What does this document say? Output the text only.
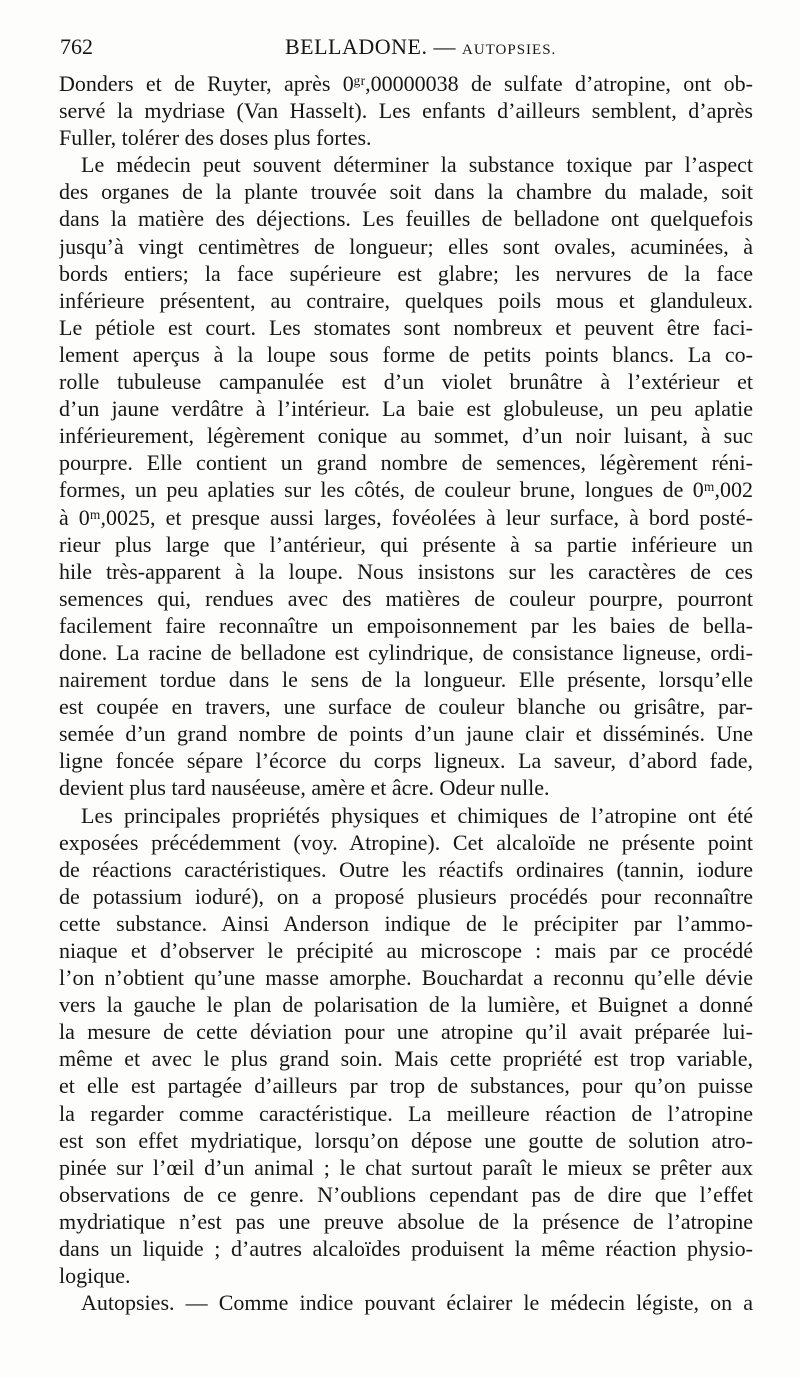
762	BELLADONE. — AUTOPSIES.
Donders et de Ruyter, après 0ᵍʳ,00000038 de sulfate d’atropine, ont ob-
servé la mydriase (Van Hasselt). Les enfants d’ailleurs semblent, d’après
Fuller, tolérer des doses plus fortes.
Le médecin peut souvent déterminer la substance toxique par l’aspect
des organes de la plante trouvée soit dans la chambre du malade, soit
dans la matière des déjections. Les feuilles de belladone ont quelquefois
jusqu’à vingt centimètres de longueur; elles sont ovales, acuminées, à
bords entiers; la face supérieure est glabre; les nervures de la face
inférieure présentent, au contraire, quelques poils mous et glanduleux.
Le pétiole est court. Les stomates sont nombreux et peuvent être faci-
lement aperçus à la loupe sous forme de petits points blancs. La co-
rolle tubuleuse campanulée est d’un violet brunâtre à l’extérieur et
d’un jaune verdâtre à l’intérieur. La baie est globuleuse, un peu aplatie
inférieurement, légèrement conique au sommet, d’un noir luisant, à suc
pourpre. Elle contient un grand nombre de semences, légèrement réni-
formes, un peu aplaties sur les côtés, de couleur brune, longues de 0ᵐ,002
à 0ᵐ,0025, et presque aussi larges, fovéolées à leur surface, à bord posté-
rieur plus large que l’antérieur, qui présente à sa partie inférieure un
hile très-apparent à la loupe. Nous insistons sur les caractères de ces
semences qui, rendues avec des matières de couleur pourpre, pourront
facilement faire reconnaître un empoisonnement par les baies de bella-
done. La racine de belladone est cylindrique, de consistance ligneuse, ordi-
nairement tordue dans le sens de la longueur. Elle présente, lorsqu’elle
est coupée en travers, une surface de couleur blanche ou grisâtre, par-
semée d’un grand nombre de points d’un jaune clair et disséminés. Une
ligne foncée sépare l’écorce du corps ligneux. La saveur, d’abord fade,
devient plus tard nauséeuse, amère et âcre. Odeur nulle.
Les principales propriétés physiques et chimiques de l’atropine ont été
exposées précédemment (voy. Atropine). Cet alcaloïde ne présente point
de réactions caractéristiques. Outre les réactifs ordinaires (tannin, iodure
de potassium ioduré), on a proposé plusieurs procédés pour reconnaître
cette substance. Ainsi Anderson indique de le précipiter par l’ammo-
niaque et d’observer le précipité au microscope : mais par ce procédé
l’on n’obtient qu’une masse amorphe. Bouchardat a reconnu qu’elle dévie
vers la gauche le plan de polarisation de la lumière, et Buignet a donné
la mesure de cette déviation pour une atropine qu’il avait préparée lui-
même et avec le plus grand soin. Mais cette propriété est trop variable,
et elle est partagée d’ailleurs par trop de substances, pour qu’on puisse
la regarder comme caractéristique. La meilleure réaction de l’atropine
est son effet mydriatique, lorsqu’on dépose une goutte de solution atro-
pinée sur l’œil d’un animal ; le chat surtout paraît le mieux se prêter aux
observations de ce genre. N’oublions cependant pas de dire que l’effet
mydriatique n’est pas une preuve absolue de la présence de l’atropine
dans un liquide ; d’autres alcaloïdes produisent la même réaction physio-
logique.
Autopsies. — Comme indice pouvant éclairer le médecin légiste, on a
